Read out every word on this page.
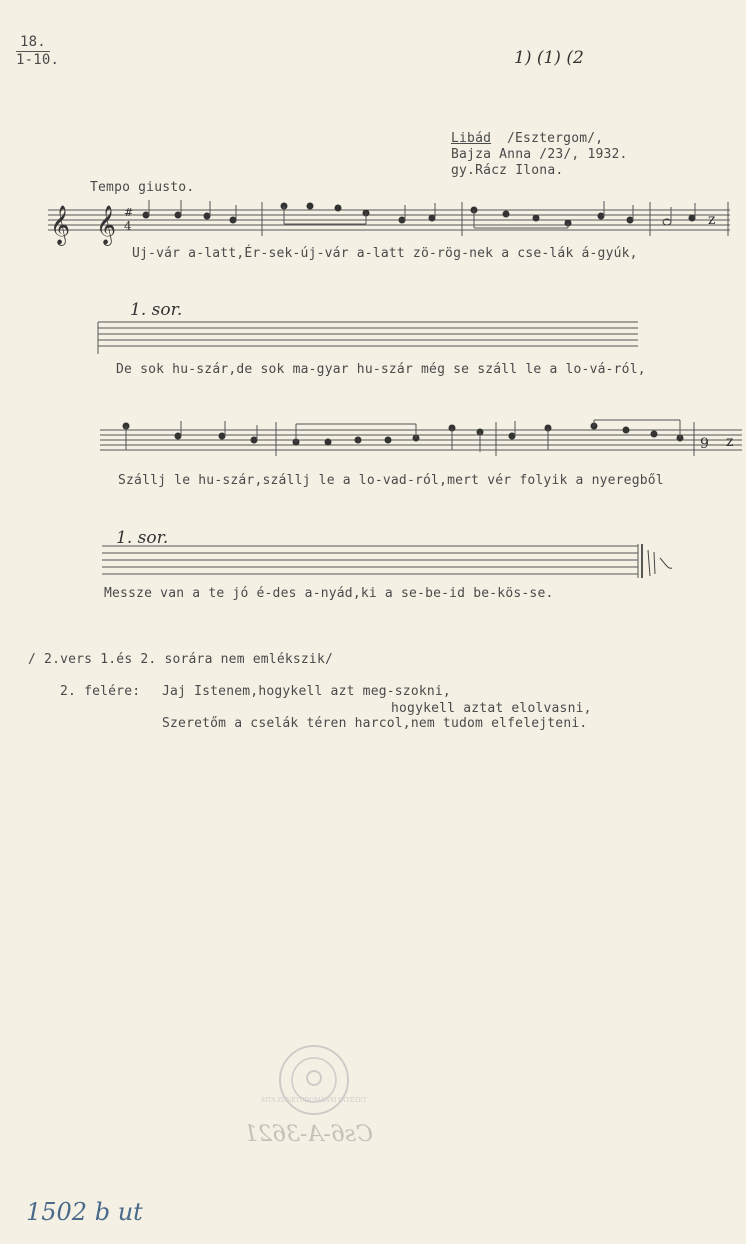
18.
1-10.	1) (1) (2
Libád /Esztergom/,
Bajza Anna /23/, 1932.
gy.Rácz Ilona.
Tempo giusto.
𝄞 𝄞 #
4	z
Uj-vár a-latt,Ér-sek-új-vár a-latt zö-rög-nek a cse-lák á-gyúk,
1. sor.
De sok hu-szár,de sok ma-gyar hu-szár még se száll le a lo-vá-ról,
9 z
Szállj le hu-szár,szállj le a lo-vad-ról,mert vér folyik a nyeregből
1. sor.
Messze van a te jó é-des a-nyád,ki a se-be-id be-kös-se.
/ 2.vers 1.és 2. sorára nem emlékszik/
2. felére: Jaj Istenem,hogykell azt meg-szokni,
hogykell aztat elolvasni,
Szeretőm a cselák téren harcol,nem tudom elfelejteni.
MTA ZENETUDOMÁNYI INTÉZET
Cs6-A-3621
1502 b ut
